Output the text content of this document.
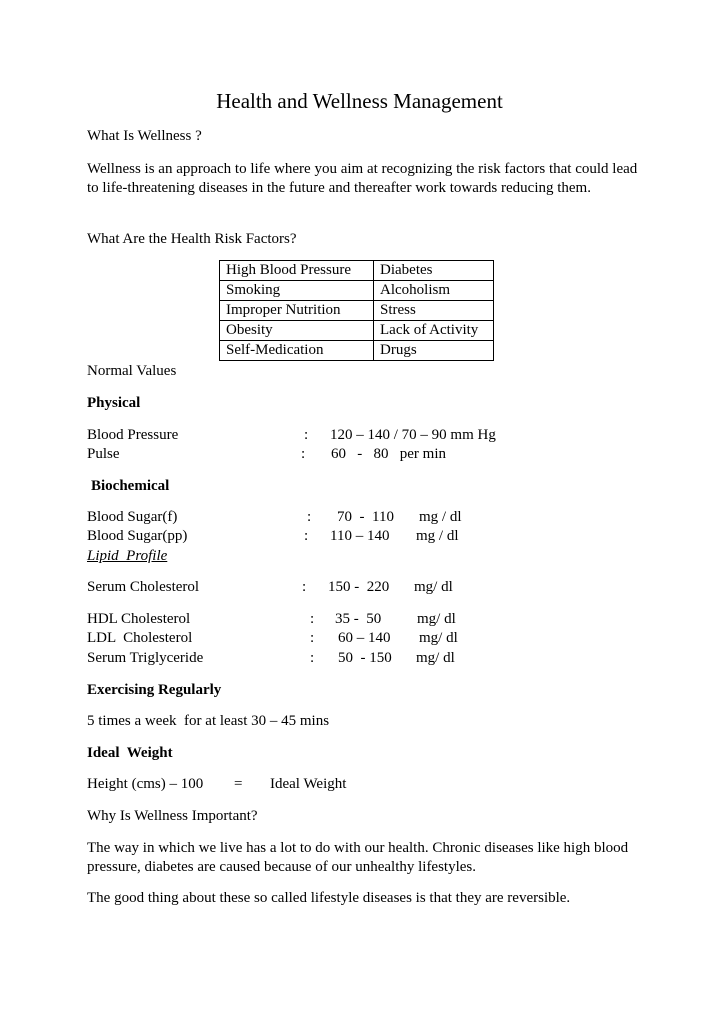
Health and Wellness Management
What Is Wellness ?
Wellness is an approach to life where you aim at recognizing the risk factors that could lead to life-threatening diseases in the future and thereafter work towards reducing them.
What Are the Health Risk Factors?
High Blood Pressure	Diabetes
Smoking	Alcoholism
Improper Nutrition	Stress
Obesity	Lack of Activity
Self-Medication	Drugs
Normal Values
Physical
Blood Pressure	: 120 – 140 / 70 – 90 mm Hg
Pulse	: 60   -   80   per min
Biochemical
Blood Sugar(f)	: 70  -  110 mg / dl
Blood Sugar(pp)	: 110 – 140 mg / dl
Lipid  Profile
Serum Cholesterol	: 150 -  220 mg/ dl
HDL Cholesterol	: 35 -  50 mg/ dl
LDL  Cholesterol	: 60 – 140 mg/ dl
Serum Triglyceride	: 50  - 150 mg/ dl
Exercising Regularly
5 times a week  for at least 30 – 45 mins
Ideal  Weight
Height (cms) – 100 = Ideal Weight
Why Is Wellness Important?
The way in which we live has a lot to do with our health. Chronic diseases like high blood pressure, diabetes are caused because of our unhealthy lifestyles.
The good thing about these so called lifestyle diseases is that they are reversible.
